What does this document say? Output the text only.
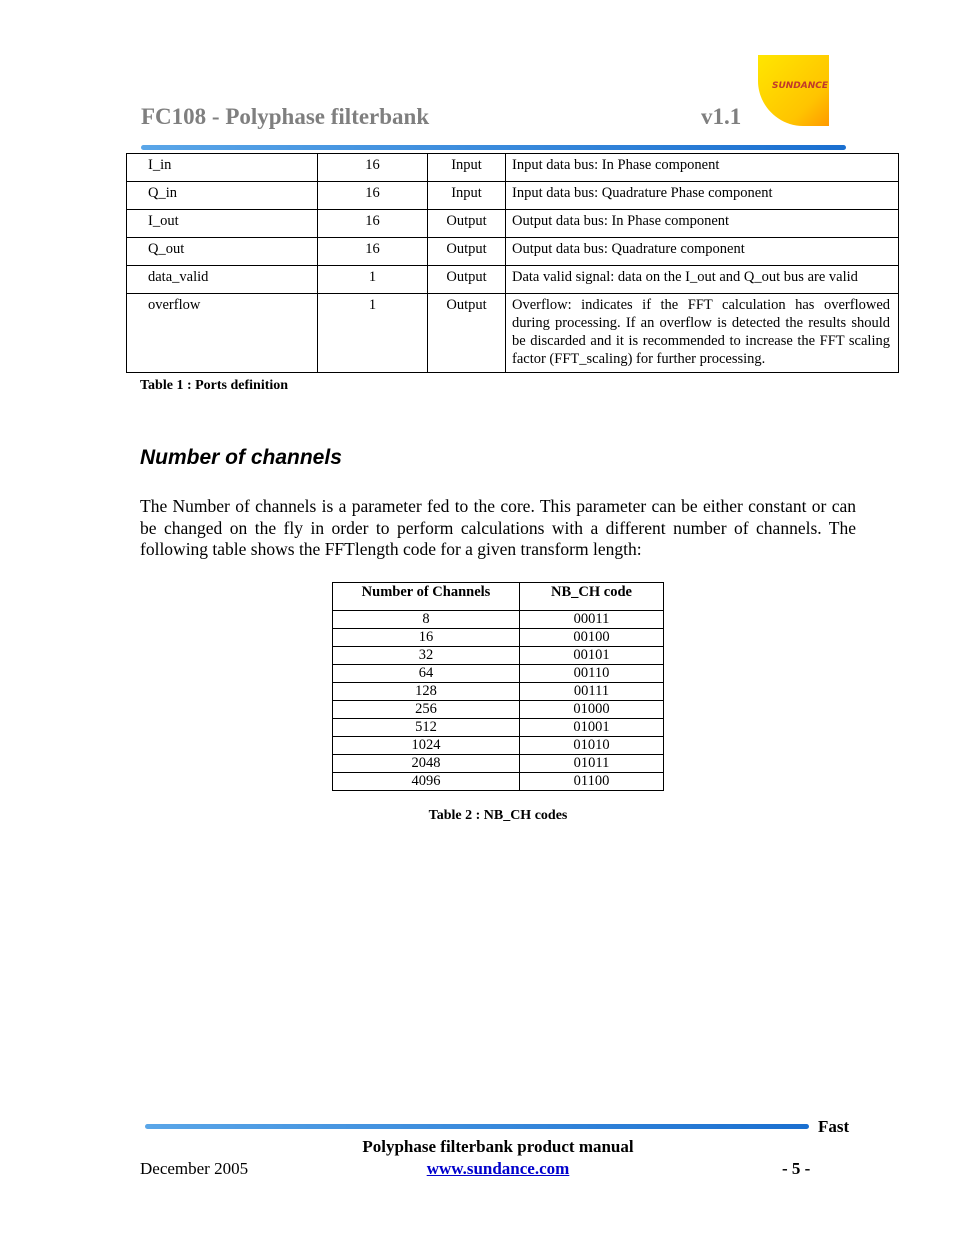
FC108 - Polyphase filterbank	v1.1
SUNDANCE
I_in	16	Input	Input data bus: In Phase component
Q_in	16	Input	Input data bus: Quadrature Phase component
I_out	16	Output	Output data bus: In Phase component
Q_out	16	Output	Output data bus: Quadrature component
data_valid	1	Output	Data valid signal: data on the I_out and Q_out bus are valid
overflow	1	Output	Overflow: indicates if the FFT calculation has overflowed during processing. If an overflow is detected the results should be discarded and it is recommended to increase the FFT scaling factor (FFT_scaling) for further processing.
Table 1 : Ports definition
Number of channels
The Number of channels is a parameter fed to the core. This parameter can be either constant or can be changed on the fly in order to perform calculations with a different number of channels. The following table shows the FFTlength code for a given transform length:
Number of Channels	NB_CH code
8	00011
16	00100
32	00101
64	00110
128	00111
256	01000
512	01001
1024	01010
2048	01011
4096	01100
Table 2 : NB_CH codes
Fast
Polyphase filterbank product manual
December 2005	www.sundance.com	- 5 -
